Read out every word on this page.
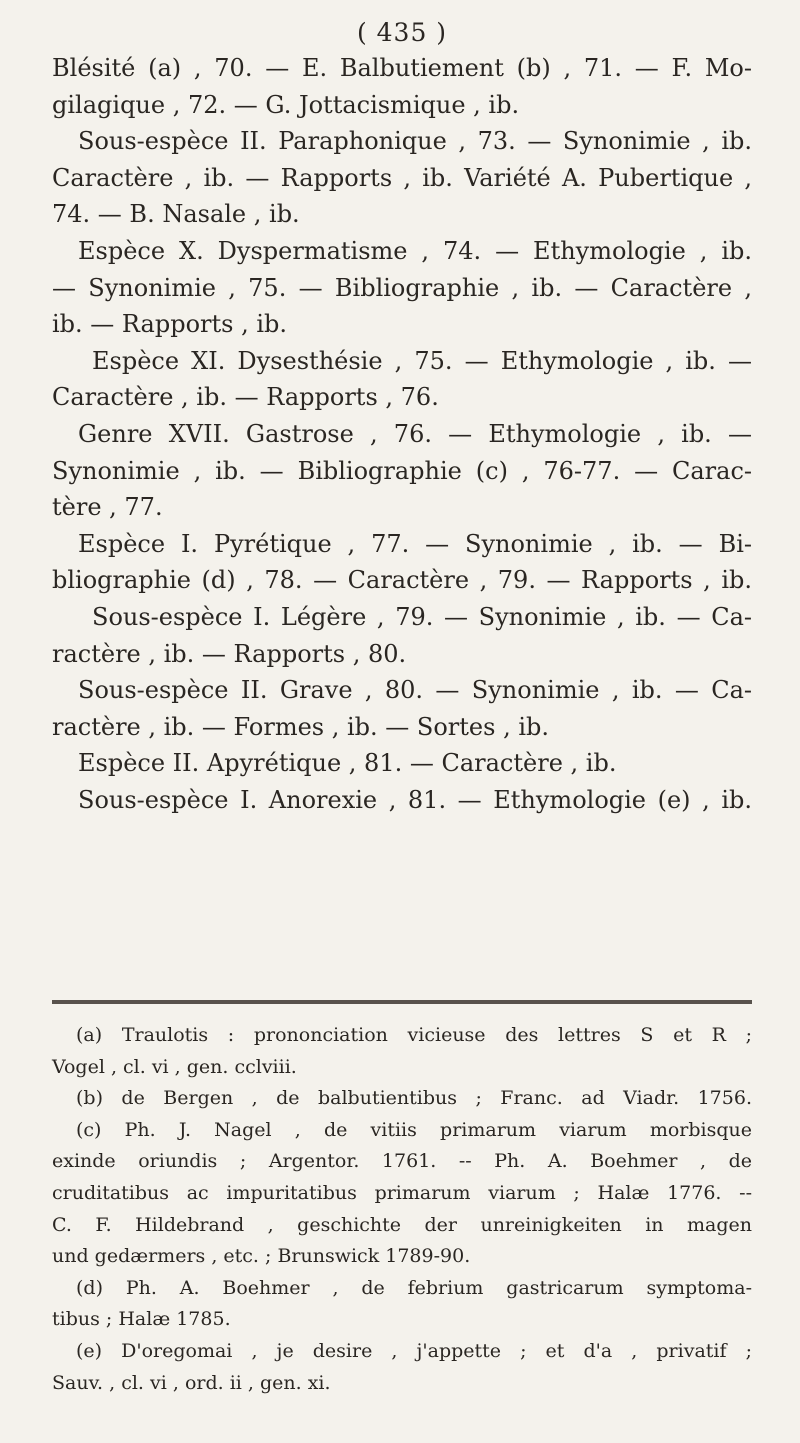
( 435 )
Blésité (a) , 70. — E. Balbutiement (b) , 71. — F. Mo-
gilagique , 72. — G. Jottacismique , ib.
Sous-espèce II. Paraphonique , 73. — Synonimie , ib.
Caractère , ib. — Rapports , ib. Variété A. Pubertique ,
74. — B. Nasale , ib.
Espèce X. Dyspermatisme , 74. — Ethymologie , ib.
— Synonimie , 75. — Bibliographie , ib. — Caractère ,
ib. — Rapports , ib.
Espèce XI. Dysesthésie , 75. — Ethymologie , ib. —
Caractère , ib. — Rapports , 76.
Genre XVII. Gastrose , 76. — Ethymologie , ib. —
Synonimie , ib. — Bibliographie (c) , 76-77. — Carac-
tère , 77.
Espèce I. Pyrétique , 77. — Synonimie , ib. — Bi-
bliographie (d) , 78. — Caractère , 79. — Rapports , ib.
Sous-espèce I. Légère , 79. — Synonimie , ib. — Ca-
ractère , ib. — Rapports , 80.
Sous-espèce II. Grave , 80. — Synonimie , ib. — Ca-
ractère , ib. — Formes , ib. — Sortes , ib.
Espèce II. Apyrétique , 81. — Caractère , ib.
Sous-espèce I. Anorexie , 81. — Ethymologie (e) , ib.
(a) Traulotis : prononciation vicieuse des lettres S et R ;
Vogel , cl. vi , gen. cclviii.
(b) de Bergen , de balbutientibus ; Franc. ad Viadr. 1756.
(c) Ph. J. Nagel , de vitiis primarum viarum morbisque
exinde oriundis ; Argentor. 1761. -- Ph. A. Boehmer , de
cruditatibus ac impuritatibus primarum viarum ; Halæ 1776. --
C. F. Hildebrand , geschichte der unreinigkeiten in magen
und gedærmers , etc. ; Brunswick 1789-90.
(d) Ph. A. Boehmer , de febrium gastricarum symptoma-
tibus ; Halæ 1785.
(e) D'oregomai , je desire , j'appette ; et d'a , privatif ;
Sauv. , cl. vi , ord. ii , gen. xi.
